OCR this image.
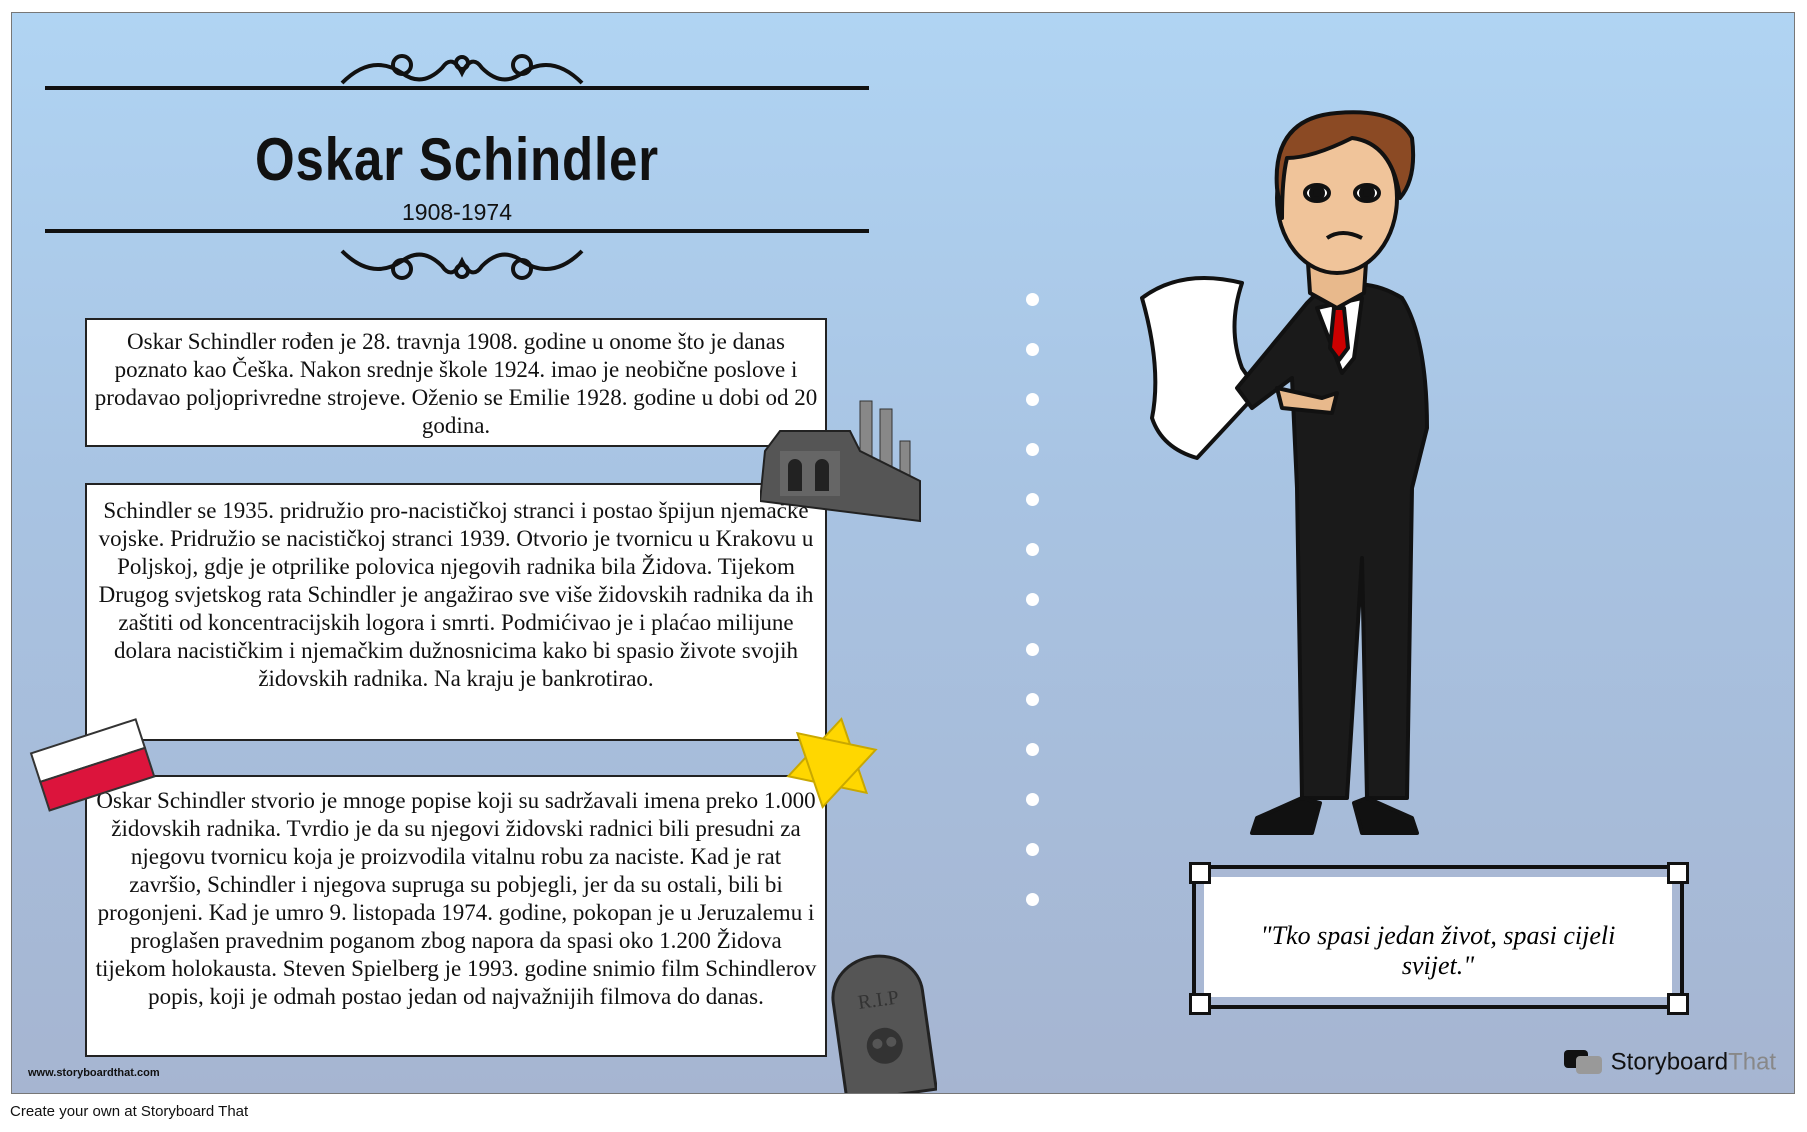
Oskar Schindler
1908-1974
Oskar Schindler rođen je 28. travnja 1908. godine u onome što je danas poznato kao Češka. Nakon srednje škole 1924. imao je neobične poslove i prodavao poljoprivredne strojeve. Oženio se Emilie 1928. godine u dobi od 20 godina.
Schindler se 1935. pridružio pro-nacističkoj stranci i postao špijun njemačke vojske. Pridružio se nacističkoj stranci 1939. Otvorio je tvornicu u Krakovu u Poljskoj, gdje je otprilike polovica njegovih radnika bila Židova. Tijekom Drugog svjetskog rata Schindler je angažirao sve više židovskih radnika da ih zaštiti od koncentracijskih logora i smrti. Podmićivao je i plaćao milijune dolara nacističkim i njemačkim dužnosnicima kako bi spasio živote svojih židovskih radnika. Na kraju je bankrotirao.
Oskar Schindler stvorio je mnoge popise koji su sadržavali imena preko 1.000 židovskih radnika. Tvrdio je da su njegovi židovski radnici bili presudni za njegovu tvornicu koja je proizvodila vitalnu robu za naciste. Kad je rat završio, Schindler i njegova supruga su pobjegli, jer da su ostali, bili bi progonjeni. Kad je umro 9. listopada 1974. godine, pokopan je u Jeruzalemu i proglašen pravednim poganom zbog napora da spasi oko 1.200 Židova tijekom holokausta. Steven Spielberg je 1993. godine snimio film Schindlerov popis, koji je odmah postao jedan od najvažnijih filmova do danas.	R.I.P
"Tko spasi jedan život, spasi cijeli svijet."
www.storyboardthat.com	StoryboardThat
Create your own at Storyboard That
